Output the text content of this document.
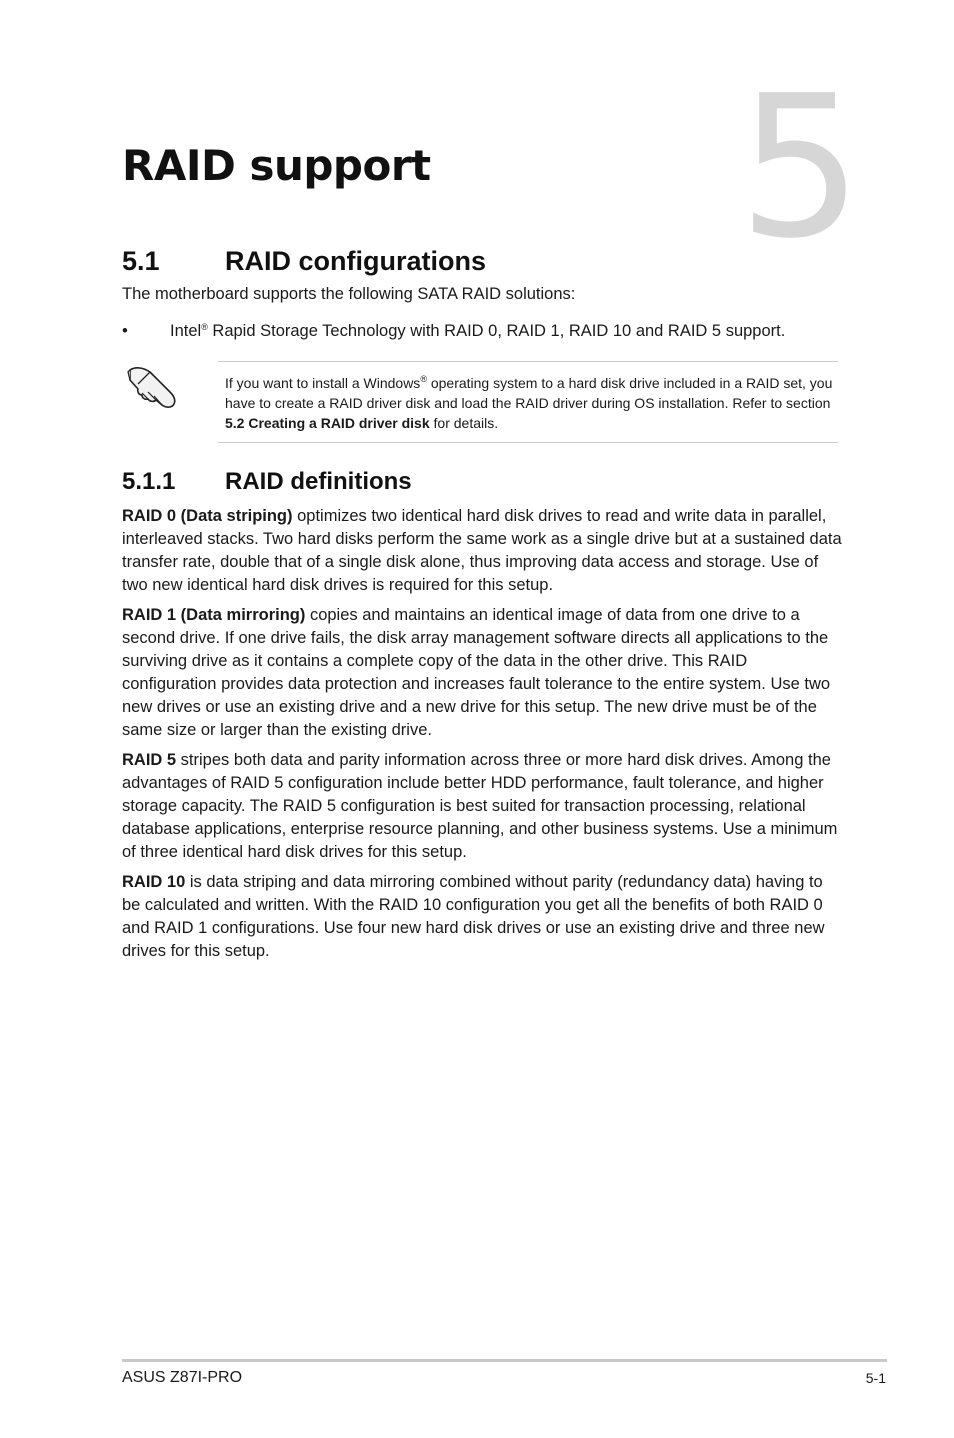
5
RAID support
5.1 RAID configurations

The motherboard supports the following SATA RAID solutions:

•	Intel® Rapid Storage Technology with RAID 0, RAID 1, RAID 10 and RAID 5 support.

If you want to install a Windows® operating system to a hard disk drive included in a RAID set, you have to create a RAID driver disk and load the RAID driver during OS installation. Refer to section 5.2 Creating a RAID driver disk for details.

5.1.1 RAID definitions

RAID 0 (Data striping) optimizes two identical hard disk drives to read and write data in parallel, interleaved stacks. Two hard disks perform the same work as a single drive but at a sustained data transfer rate, double that of a single disk alone, thus improving data access and storage. Use of two new identical hard disk drives is required for this setup.

RAID 1 (Data mirroring) copies and maintains an identical image of data from one drive to a second drive. If one drive fails, the disk array management software directs all applications to the surviving drive as it contains a complete copy of the data in the other drive. This RAID configuration provides data protection and increases fault tolerance to the entire system. Use two new drives or use an existing drive and a new drive for this setup. The new drive must be of the same size or larger than the existing drive.

RAID 5 stripes both data and parity information across three or more hard disk drives. Among the advantages of RAID 5 configuration include better HDD performance, fault tolerance, and higher storage capacity. The RAID 5 configuration is best suited for transaction processing, relational database applications, enterprise resource planning, and other business systems. Use a minimum of three identical hard disk drives for this setup.

RAID 10 is data striping and data mirroring combined without parity (redundancy data) having to be calculated and written. With the RAID 10 configuration you get all the benefits of both RAID 0 and RAID 1 configurations. Use four new hard disk drives or use an existing drive and three new drives for this setup.

ASUS Z87I-PRO	5-1
